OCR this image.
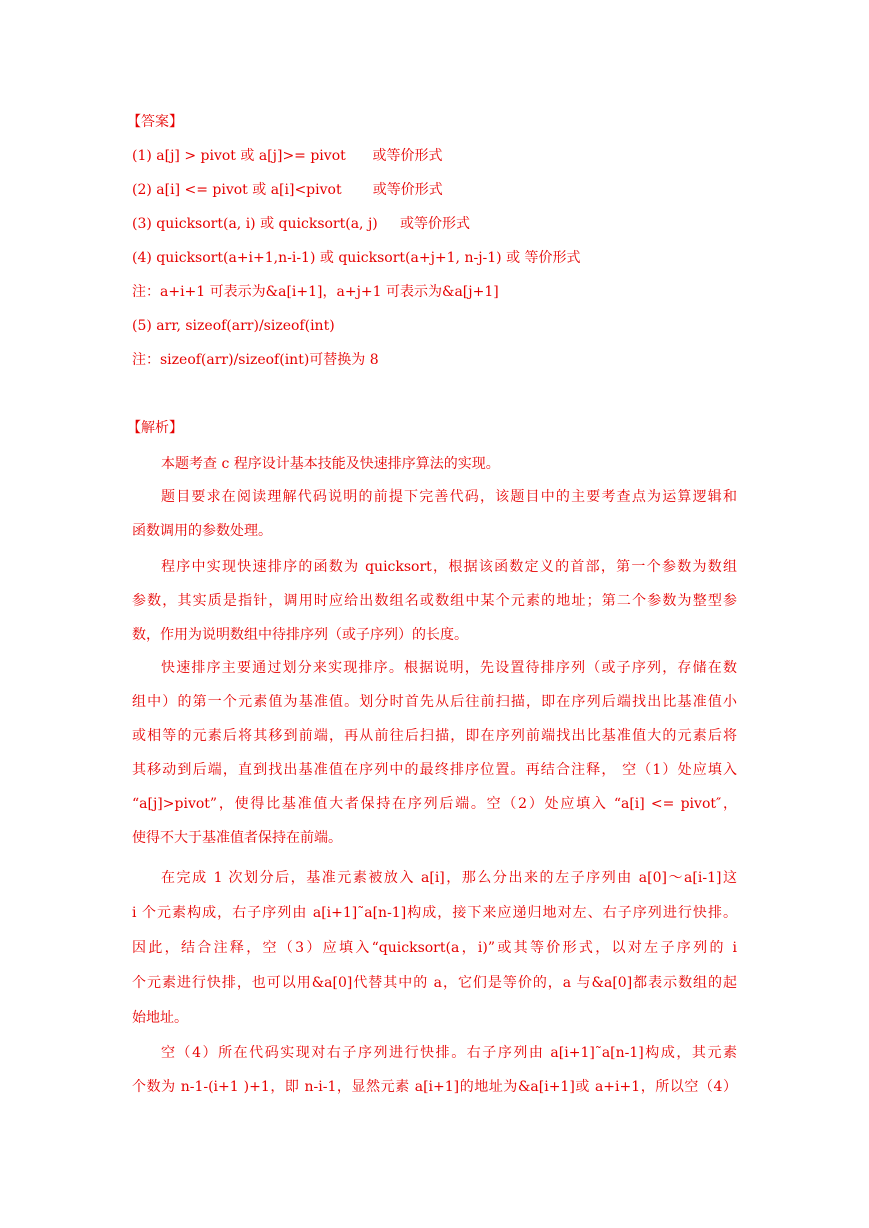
【答案】
(1) a[j] > pivot 或 a[j]>= pivot      或等价形式
(2) a[i] <= pivot 或 a[i]<pivot       或等价形式
(3) quicksort(a, i) 或 quicksort(a, j)     或等价形式
(4) quicksort(a+i+1,n-i-1) 或 quicksort(a+j+1, n-j-1) 或 等价形式
注：a+i+1 可表示为&a[i+1]，a+j+1 可表示为&a[j+1]
(5) arr, sizeof(arr)/sizeof(int)
注：sizeof(arr)/sizeof(int)可替换为 8
【解析】
本题考查 c 程序设计基本技能及快速排序算法的实现。
题目要求在阅读理解代码说明的前提下完善代码，该题目中的主要考查点为运算逻辑和
函数调用的参数处理。
程序中实现快速排序的函数为 quicksort，根据该函数定义的首部，第一个参数为数组
参数，其实质是指针，调用时应给出数组名或数组中某个元素的地址；第二个参数为整型参
数，作用为说明数组中待排序列（或子序列）的长度。
快速排序主要通过划分来实现排序。根据说明，先设置待排序列（或子序列，存储在数
组中）的第一个元素值为基准值。划分时首先从后往前扫描，即在序列后端找出比基准值小
或相等的元素后将其移到前端，再从前往后扫描，即在序列前端找出比基准值大的元素后将
其移动到后端，直到找出基准值在序列中的最终排序位置。再结合注释， 空（1）处应填入
“a[j]>pivot”，使得比基准值大者保持在序列后端。空（2）处应填入 “a[i] <= pivot″，
使得不大于基准值者保持在前端。
在完成 1 次划分后，基准元素被放入 a[i]，那么分出来的左子序列由 a[0]～a[i-1]这
i 个元素构成，右子序列由 a[i+1]˜a[n-1]构成，接下来应递归地对左、右子序列进行快排。
因此，结合注释，空（3）应填入“quicksort(a，i)”或其等价形式，以对左子序列的 i
个元素进行快排，也可以用&a[0]代替其中的 a，它们是等价的，a 与&a[0]都表示数组的起
始地址。
空（4）所在代码实现对右子序列进行快排。右子序列由 a[i+1]˜a[n-1]构成，其元素
个数为 n-1-(i+1 )+1，即 n-i-1，显然元素 a[i+1]的地址为&a[i+1]或 a+i+1，所以空（4）
